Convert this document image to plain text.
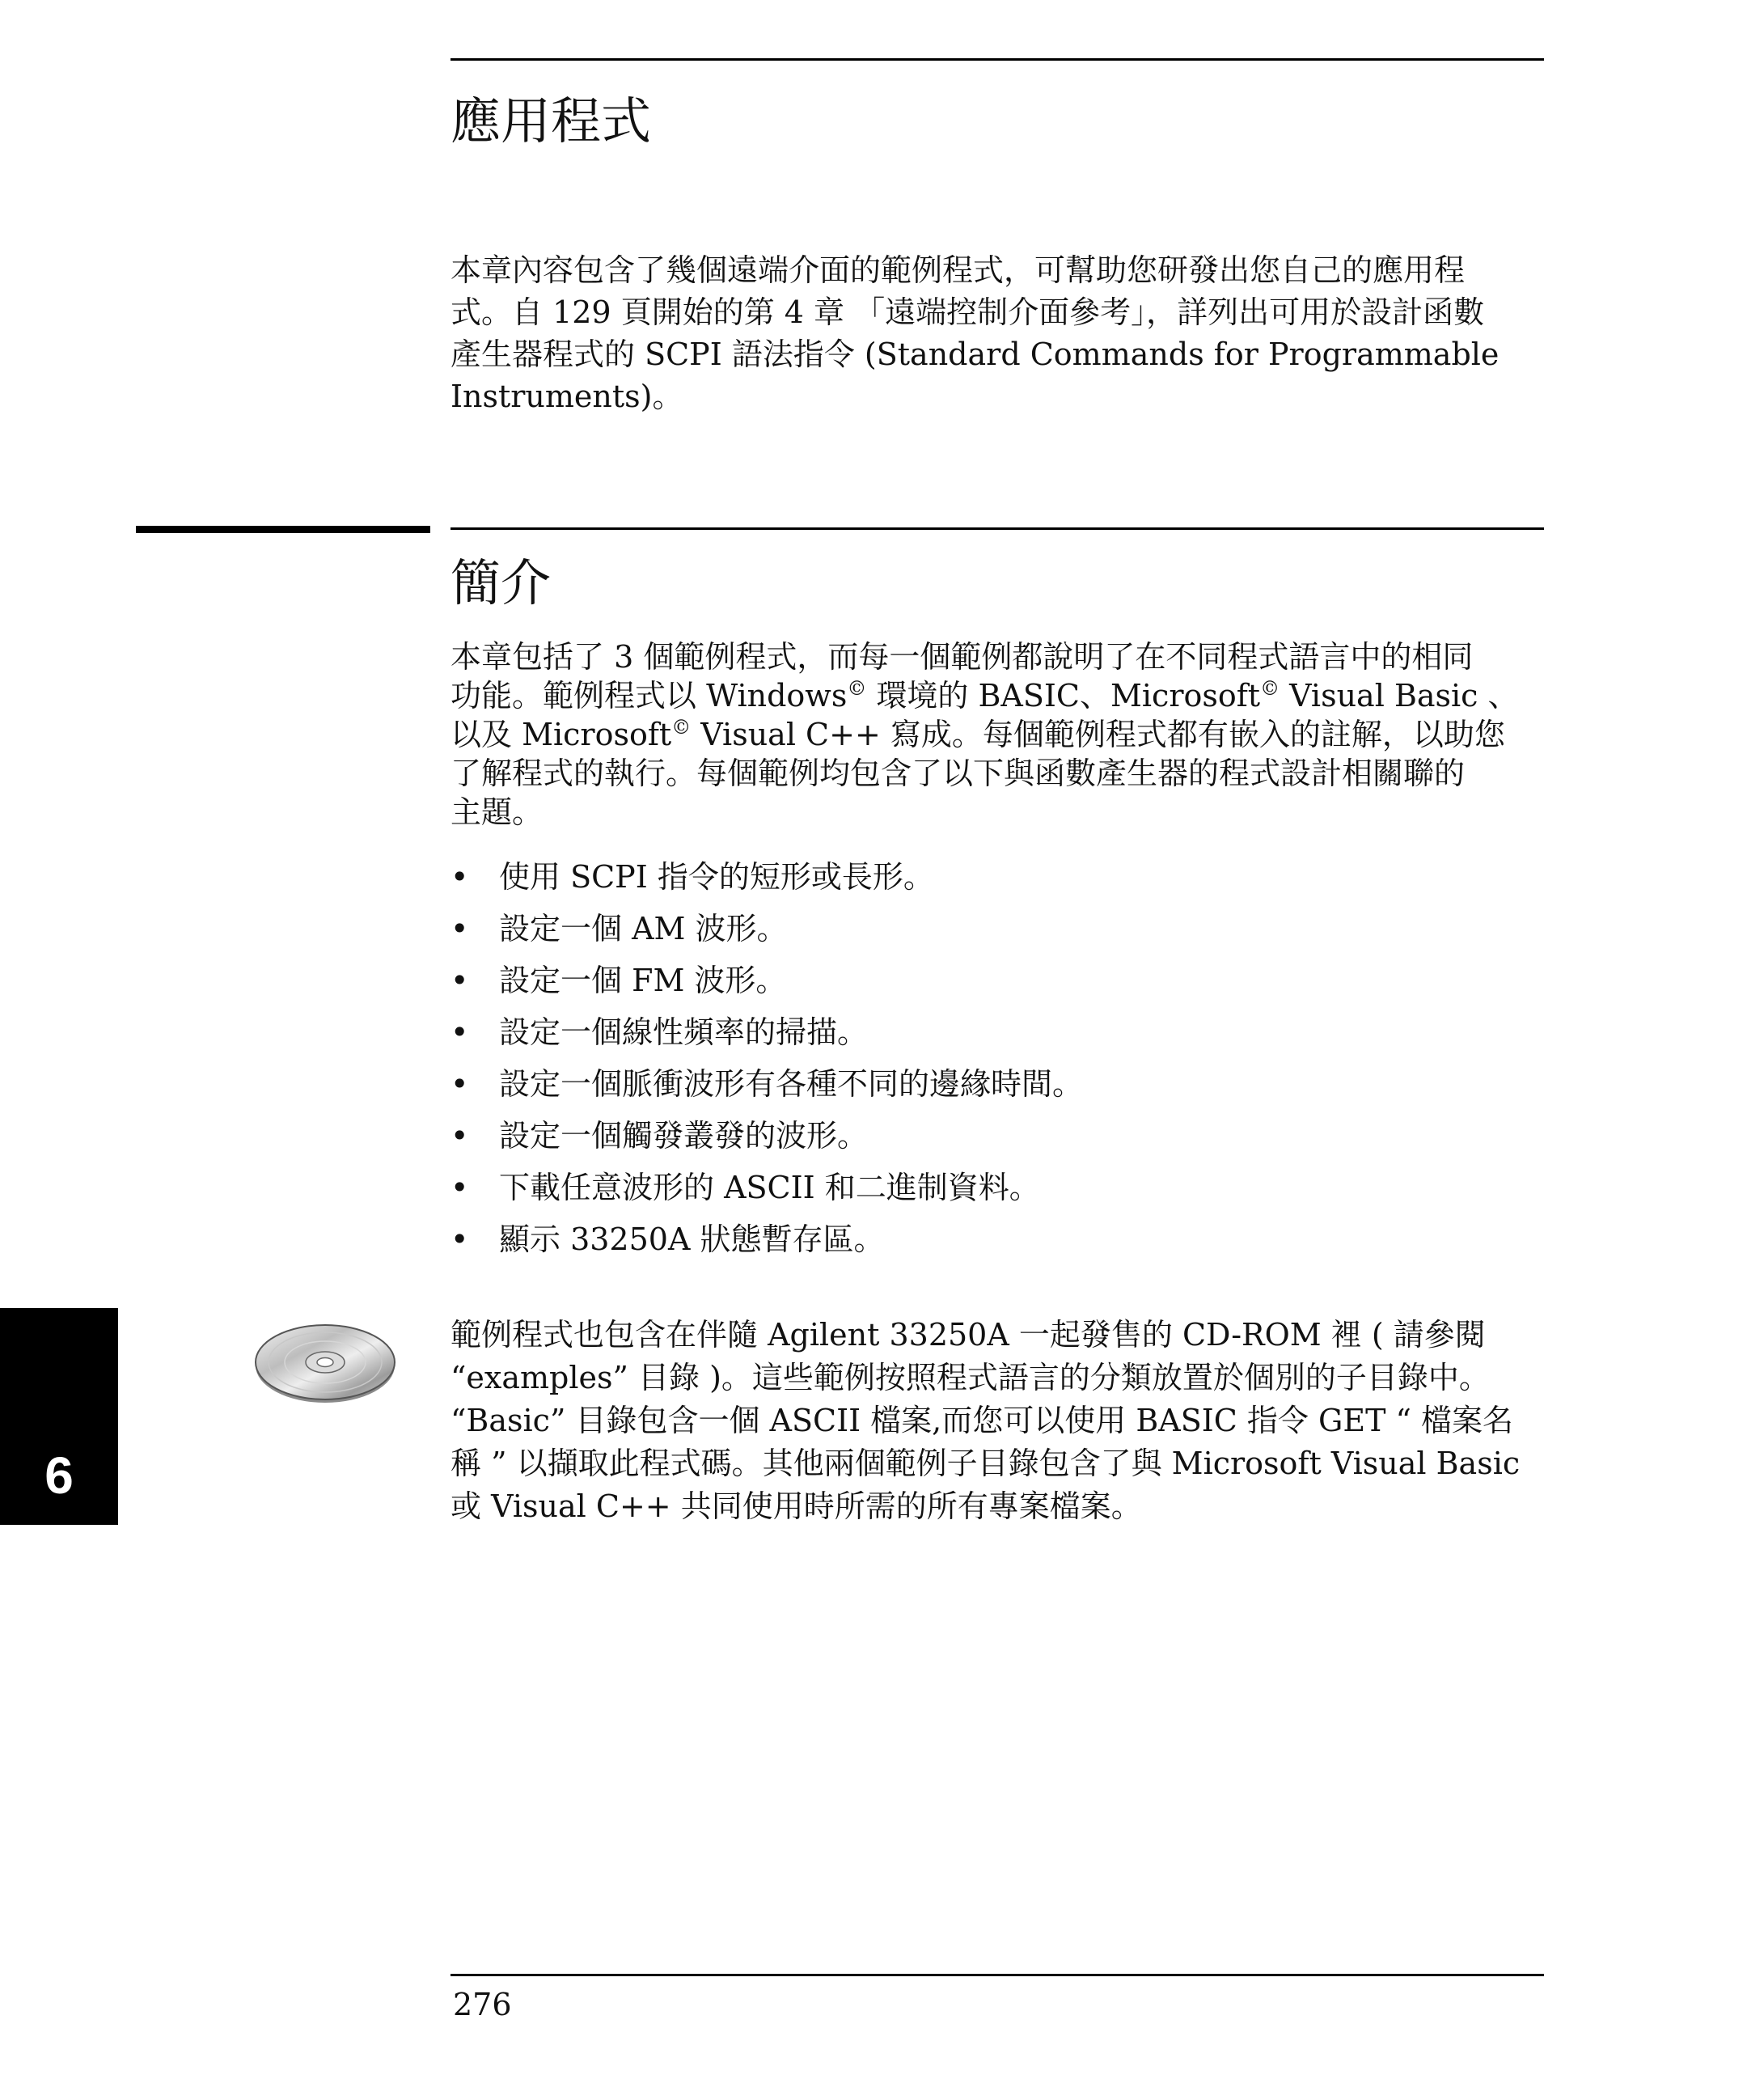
應用程式

本章內容包含了幾個遠端介面的範例程式，可幫助您研發出您自己的應用程
式。自 129 頁開始的第 4 章 「遠端控制介面參考」，詳列出可用於設計函數
產生器程式的 SCPI 語法指令 (Standard Commands for Programmable
Instruments)。

簡介

本章包括了 3 個範例程式，而每一個範例都說明了在不同程式語言中的相同
功能。範例程式以 Windows© 環境的 BASIC、Microsoft© Visual Basic 、
以及 Microsoft© Visual C++ 寫成。每個範例程式都有嵌入的註解，以助您
了解程式的執行。每個範例均包含了以下與函數產生器的程式設計相關聯的
主題。

• 使用 SCPI 指令的短形或長形。
• 設定一個 AM 波形。
• 設定一個 FM 波形。
• 設定一個線性頻率的掃描。
• 設定一個脈衝波形有各種不同的邊緣時間。
• 設定一個觸發叢發的波形。
• 下載任意波形的 ASCII 和二進制資料。
• 顯示 33250A 狀態暫存區。
6

範例程式也包含在伴隨 Agilent 33250A 一起發售的 CD-ROM 裡 ( 請參閱
“examples” 目錄 )。這些範例按照程式語言的分類放置於個別的子目錄中。
“Basic” 目錄包含一個 ASCII 檔案,而您可以使用 BASIC 指令 GET “ 檔案名
稱 ” 以擷取此程式碼。其他兩個範例子目錄包含了與 Microsoft Visual Basic
或 Visual C++ 共同使用時所需的所有專案檔案。

276
